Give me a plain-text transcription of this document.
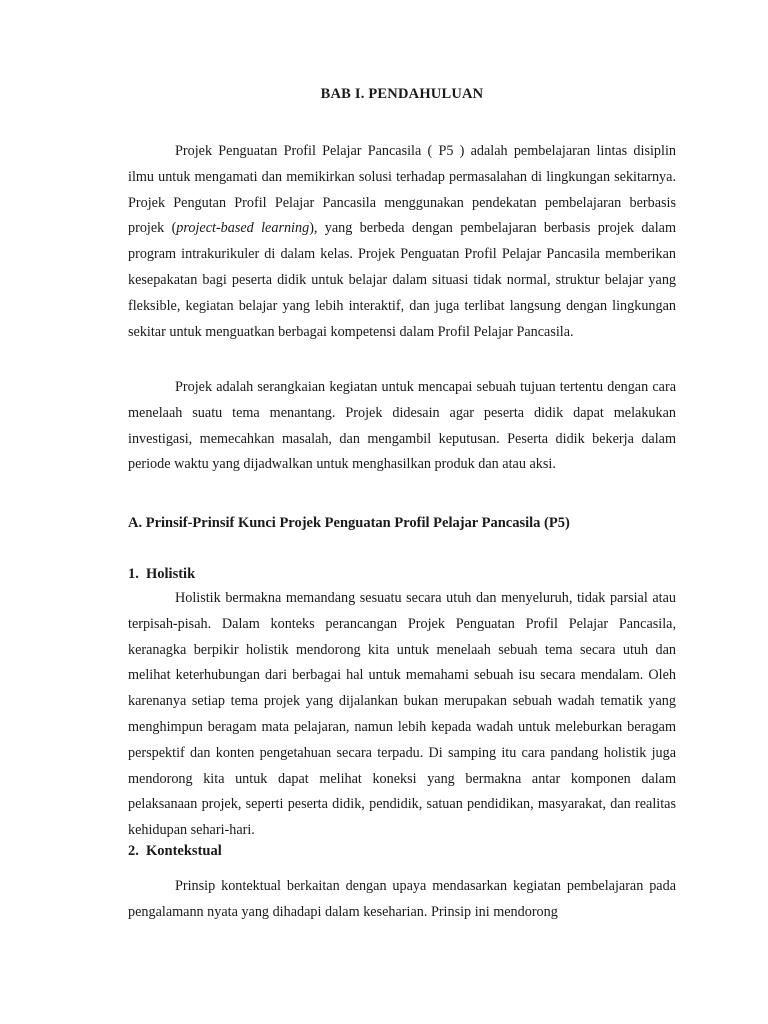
BAB I. PENDAHULUAN

Projek Penguatan Profil Pelajar Pancasila ( P5 ) adalah pembelajaran lintas disiplin ilmu untuk mengamati dan memikirkan solusi terhadap permasalahan di lingkungan sekitarnya. Projek Pengutan Profil Pelajar Pancasila menggunakan pendekatan pembelajaran berbasis projek (project-based learning), yang berbeda dengan pembelajaran berbasis projek dalam program intrakurikuler di dalam kelas. Projek Penguatan Profil Pelajar Pancasila memberikan kesepakatan bagi peserta didik untuk belajar dalam situasi tidak normal, struktur belajar yang fleksible, kegiatan belajar yang lebih interaktif, dan juga terlibat langsung dengan lingkungan sekitar untuk menguatkan berbagai kompetensi dalam Profil Pelajar Pancasila.

Projek adalah serangkaian kegiatan untuk mencapai sebuah tujuan tertentu dengan cara menelaah suatu tema menantang. Projek didesain agar peserta didik dapat melakukan investigasi, memecahkan masalah, dan mengambil keputusan. Peserta didik bekerja dalam periode waktu yang dijadwalkan untuk menghasilkan produk dan atau aksi.

A. Prinsif-Prinsif Kunci Projek Penguatan Profil Pelajar Pancasila (P5)
1. Holistik

Holistik bermakna memandang sesuatu secara utuh dan menyeluruh, tidak parsial atau terpisah-pisah. Dalam konteks perancangan Projek Penguatan Profil Pelajar Pancasila, keranagka berpikir holistik mendorong kita untuk menelaah sebuah tema secara utuh dan melihat keterhubungan dari berbagai hal untuk memahami sebuah isu secara mendalam. Oleh karenanya setiap tema projek yang dijalankan bukan merupakan sebuah wadah tematik yang menghimpun beragam mata pelajaran, namun lebih kepada wadah untuk meleburkan beragam perspektif dan konten pengetahuan secara terpadu. Di samping itu cara pandang holistik juga mendorong kita untuk dapat melihat koneksi yang bermakna antar komponen dalam pelaksanaan projek, seperti peserta didik, pendidik, satuan pendidikan, masyarakat, dan realitas kehidupan sehari-hari.

2. Kontekstual

Prinsip kontektual berkaitan dengan upaya mendasarkan kegiatan pembelajaran pada pengalamann nyata yang dihadapi dalam keseharian. Prinsip ini mendorong
